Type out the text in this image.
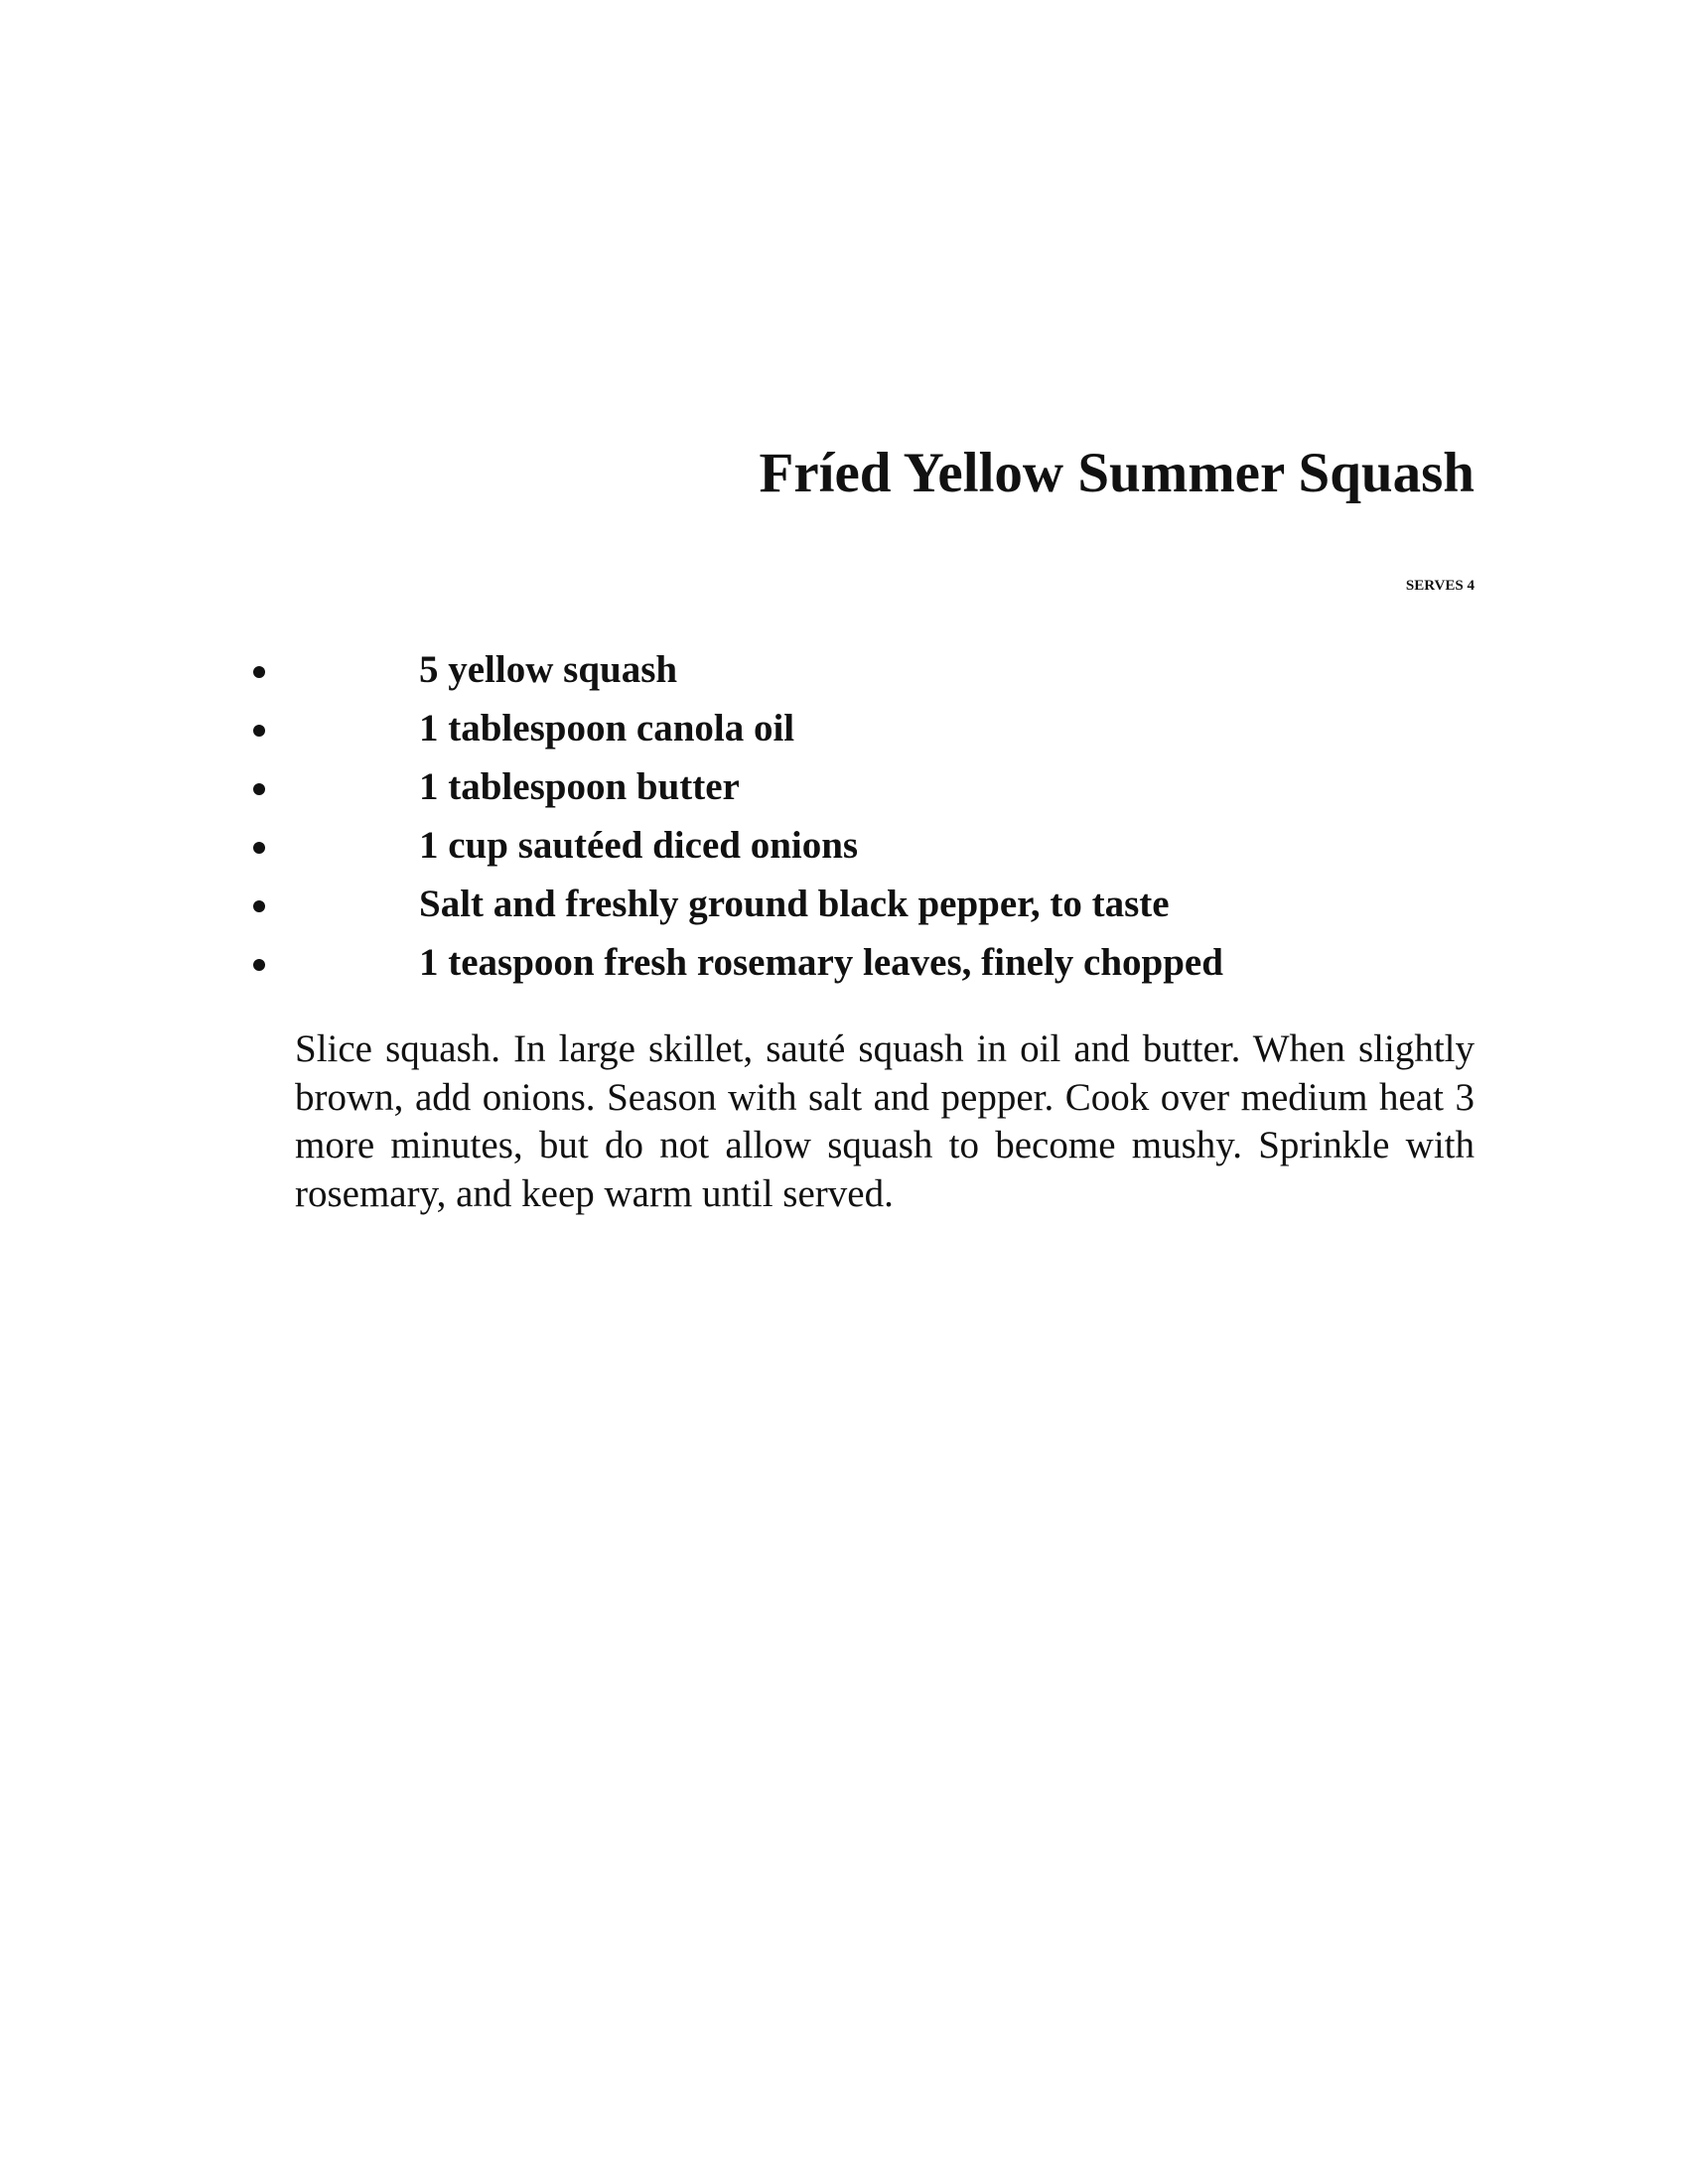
Fríed Yellow Summer Squash
SERVES 4
5 yellow squash
1 tablespoon canola oil
1 tablespoon butter
1 cup sautéed diced onions
Salt and freshly ground black pepper, to taste
1 teaspoon fresh rosemary leaves, finely chopped

Slice squash. In large skillet, sauté squash in oil and butter. When slightly brown, add onions. Season with salt and pepper. Cook over medium heat 3 more minutes, but do not allow squash to become mushy. Sprinkle with rosemary, and keep warm until served.
